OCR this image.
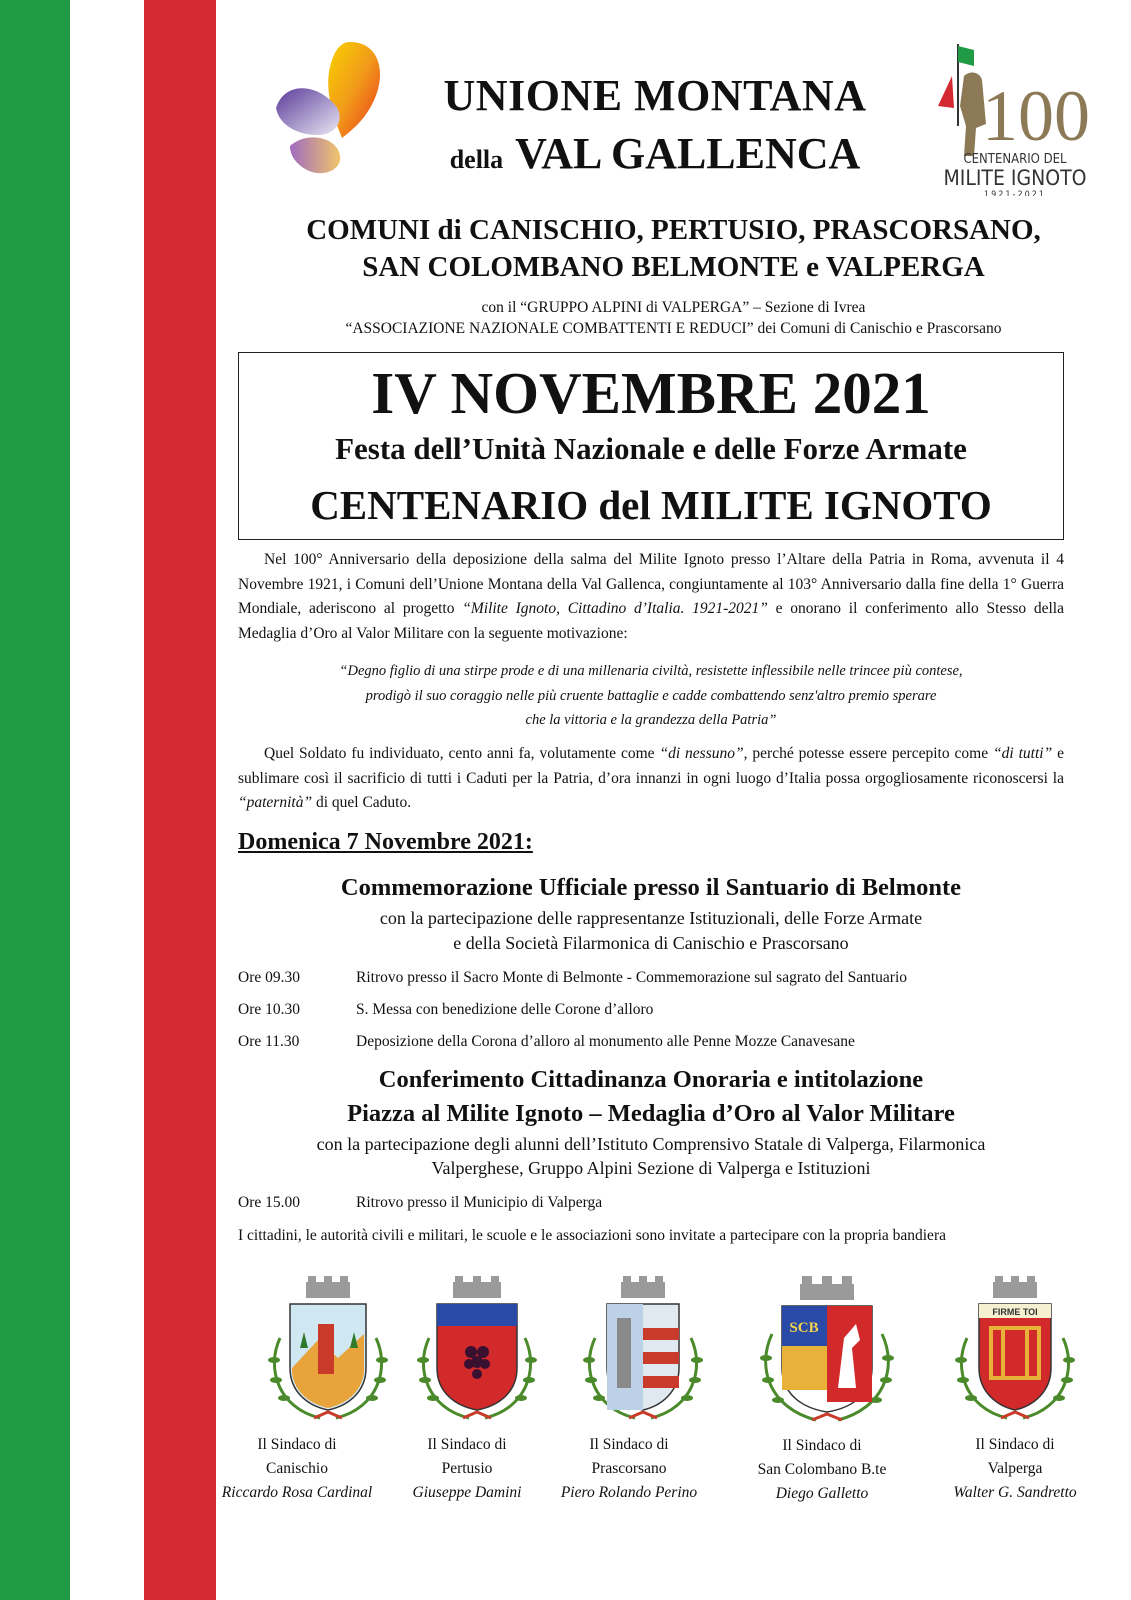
UNIONE MONTANA
della VAL GALLENCA	100
CENTENARIO DEL
MILITE IGNOTO
1921-2021
COMUNI di CANISCHIO, PERTUSIO, PRASCORSANO,
SAN COLOMBANO BELMONTE e VALPERGA
con il “GRUPPO ALPINI di VALPERGA” – Sezione di Ivrea
“ASSOCIAZIONE NAZIONALE COMBATTENTI E REDUCI” dei Comuni di Canischio e Prascorsano
IV NOVEMBRE 2021
Festa dell’Unità Nazionale e delle Forze Armate
CENTENARIO del MILITE IGNOTO

Nel 100° Anniversario della deposizione della salma del Milite Ignoto presso l’Altare della Patria in Roma, avvenuta il 4 Novembre 1921, i Comuni dell’Unione Montana della Val Gallenca, congiuntamente al 103° Anniversario dalla fine della 1° Guerra Mondiale, aderiscono al progetto “Milite Ignoto, Cittadino d’Italia. 1921-2021” e onorano il conferimento allo Stesso della Medaglia d’Oro al Valor Militare con la seguente motivazione:

“Degno figlio di una stirpe prode e di una millenaria civiltà, resistette inflessibile nelle trincee più contese,
prodigò il suo coraggio nelle più cruente battaglie e cadde combattendo senz'altro premio sperare
che la vittoria e la grandezza della Patria”

Quel Soldato fu individuato, cento anni fa, volutamente come “di nessuno”, perché potesse essere percepito come “di tutti” e sublimare così il sacrificio di tutti i Caduti per la Patria, d’ora innanzi in ogni luogo d’Italia possa orgogliosamente riconoscersi la “paternità” di quel Caduto.

Domenica 7 Novembre 2021:
Commemorazione Ufficiale presso il Santuario di Belmonte
con la partecipazione delle rappresentanze Istituzionali, delle Forze Armate
e della Società Filarmonica di Canischio e Prascorsano
Ore 09.30	Ritrovo presso il Sacro Monte di Belmonte - Commemorazione sul sagrato del Santuario
Ore 10.30	S. Messa con benedizione delle Corone d’alloro
Ore 11.30	Deposizione della Corona d’alloro al monumento alle Penne Mozze Canavesane
Conferimento Cittadinanza Onoraria e intitolazione
Piazza al Milite Ignoto – Medaglia d’Oro al Valor Militare
con la partecipazione degli alunni dell’Istituto Comprensivo Statale di Valperga, Filarmonica
Valperghese, Gruppo Alpini Sezione di Valperga e Istituzioni
Ore 15.00	Ritrovo presso il Municipio di Valperga
I cittadini, le autorità civili e militari, le scuole e le associazioni sono invitate a partecipare con la propria bandiera
SCB
FIRME TOI
Il Sindaco di
Canischio
Riccardo Rosa Cardinal
Il Sindaco di
Pertusio
Giuseppe Damini
Il Sindaco di
Prascorsano
Piero Rolando Perino
Il Sindaco di
San Colombano B.te
Diego Galletto
Il Sindaco di
Valperga
Walter G. Sandretto
